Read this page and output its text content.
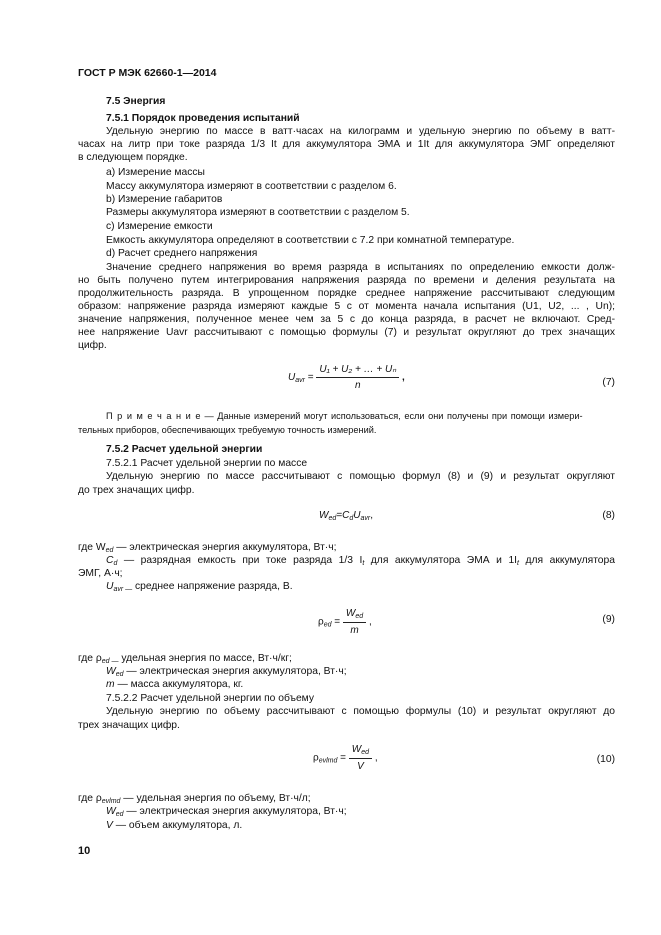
ГОСТ Р МЭК 62660-1—2014
7.5 Энергия
7.5.1 Порядок проведения испытаний
Удельную энергию по массе в ватт·часах на килограмм и удельную энергию по объему в ватт-
часах на литр при токе разряда 1/3 It для аккумулятора ЭМА и 1It для аккумулятора ЭМГ определяют
в следующем порядке.
а) Измерение массы
Массу аккумулятора измеряют в соответствии с разделом 6.
b) Измерение габаритов
Размеры аккумулятора измеряют в соответствии с разделом 5.
c) Измерение емкости
Емкость аккумулятора определяют в соответствии с 7.2 при комнатной температуре.
d) Расчет среднего напряжения
Значение среднего напряжения во время разряда в испытаниях по определению емкости долж-
но быть получено путем интегрирования напряжения разряда по времени и деления результата на
продолжительность разряда. В упрощенном порядке среднее напряжение рассчитывают следующим
образом: напряжение разряда измеряют каждые 5 с от момента начала испытания (U1, U2, ... , Un);
значение напряжения, полученное менее чем за 5 с до конца разряда, в расчет не включают. Сред-
нее напряжение Uavr рассчитывают с помощью формулы (7) и результат округляют до трех значащих
цифр.
$U_{avr} = \frac{\text{U₁ + U₂ + … + Uₙ}}{n}$ ,	(7)
П р и м е ч а н и е — Данные измерений могут использоваться, если они получены при помощи измери-
тельных приборов, обеспечивающих требуемую точность измерений.
7.5.2 Расчет удельной энергии
7.5.2.1 Расчет удельной энергии по массе
Удельную энергию по массе рассчитывают с помощью формул (8) и (9) и результат округляют
до трех значащих цифр.
$W_{ed}=C_dU_{avr}$,	(8)
где $W_{ed}$ — электрическая энергия аккумулятора, Вт·ч;
$C_d$ — разрядная емкость при токе разряда 1/3 $I_t$ для аккумулятора ЭМА и $1I_t$ для аккумулятора
ЭМГ, А·ч;
$U_{avr —}$ среднее напряжение разряда, В.
$\rho_{ed} = \frac{W_{ed}}{m}$ ,	(9)
где $\rho_{ed —}$ удельная энергия по массе, Вт·ч/кг;
$W_{ed}$ — электрическая энергия аккумулятора, Вт·ч;
m — масса аккумулятора, кг.
7.5.2.2 Расчет удельной энергии по объему
Удельную энергию по объему рассчитывают с помощью формулы (10) и результат округляют до
трех значащих цифр.
$\rho_{evlmd} = \frac{W_{ed}}{V}$ ,	(10)
где $\rho_{evlmd}$ — удельная энергия по объему, Вт·ч/л;
$W_{ed}$ — электрическая энергия аккумулятора, Вт·ч;
V — объем аккумулятора, л.
10
